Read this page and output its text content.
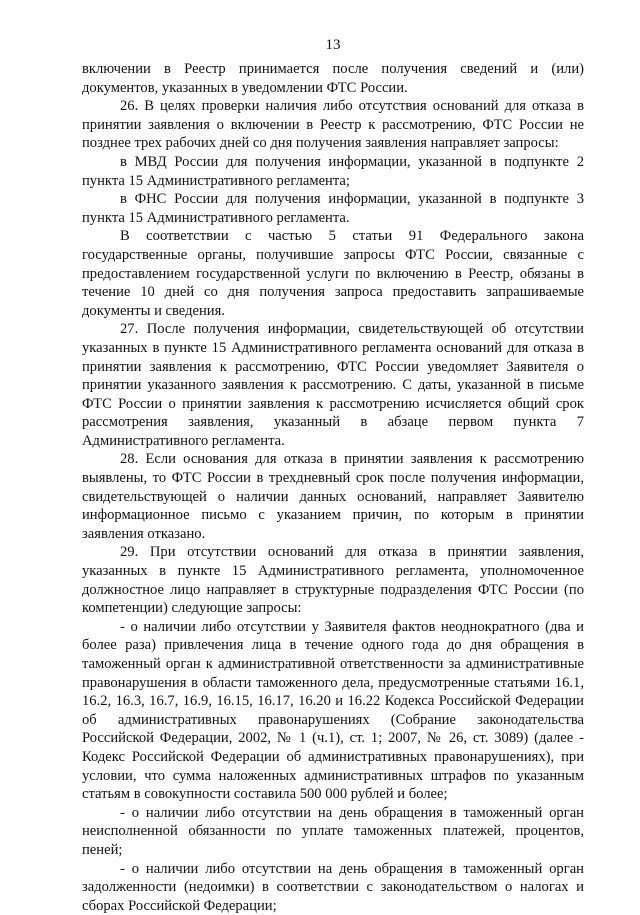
13

включении в Реестр принимается после получения сведений и (или) документов, указанных в уведомлении ФТС России.

26. В целях проверки наличия либо отсутствия оснований для отказа в принятии заявления о включении в Реестр к рассмотрению, ФТС России не позднее трех рабочих дней со дня получения заявления направляет запросы:

в МВД России для получения информации, указанной в подпункте 2 пункта 15 Административного регламента;

в ФНС России для получения информации, указанной в подпункте 3 пункта 15 Административного регламента.

В соответствии с частью 5 статьи 91 Федерального закона государственные органы, получившие запросы ФТС России, связанные с предоставлением государственной услуги по включению в Реестр, обязаны в течение 10 дней со дня получения запроса предоставить запрашиваемые документы и сведения.

27. После получения информации, свидетельствующей об отсутствии указанных в пункте 15 Административного регламента оснований для отказа в принятии заявления к рассмотрению, ФТС России уведомляет Заявителя о принятии указанного заявления к рассмотрению. С даты, указанной в письме ФТС России о принятии заявления к рассмотрению исчисляется общий срок рассмотрения заявления, указанный в абзаце первом пункта 7 Административного регламента.

28. Если основания для отказа в принятии заявления к рассмотрению выявлены, то ФТС России в трехдневный срок после получения информации, свидетельствующей о наличии данных оснований, направляет Заявителю информационное письмо с указанием причин, по которым в принятии заявления отказано.

29. При отсутствии оснований для отказа в принятии заявления, указанных в пункте 15 Административного регламента, уполномоченное должностное лицо направляет в структурные подразделения ФТС России (по компетенции) следующие запросы:

- о наличии либо отсутствии у Заявителя фактов неоднократного (два и более раза) привлечения лица в течение одного года до дня обращения в таможенный орган к административной ответственности за административные правонарушения в области таможенного дела, предусмотренные статьями 16.1, 16.2, 16.3, 16.7, 16.9, 16.15, 16.17, 16.20 и 16.22 Кодекса Российской Федерации об административных правонарушениях (Собрание законодательства Российской Федерации, 2002, № 1 (ч.1), ст. 1; 2007, № 26, ст. 3089) (далее - Кодекс Российской Федерации об административных правонарушениях), при условии, что сумма наложенных административных штрафов по указанным статьям в совокупности составила 500 000 рублей и более;

- о наличии либо отсутствии на день обращения в таможенный орган неисполненной обязанности по уплате таможенных платежей, процентов, пеней;

- о наличии либо отсутствии на день обращения в таможенный орган задолженности (недоимки) в соответствии с законодательством о налогах и сборах Российской Федерации;
